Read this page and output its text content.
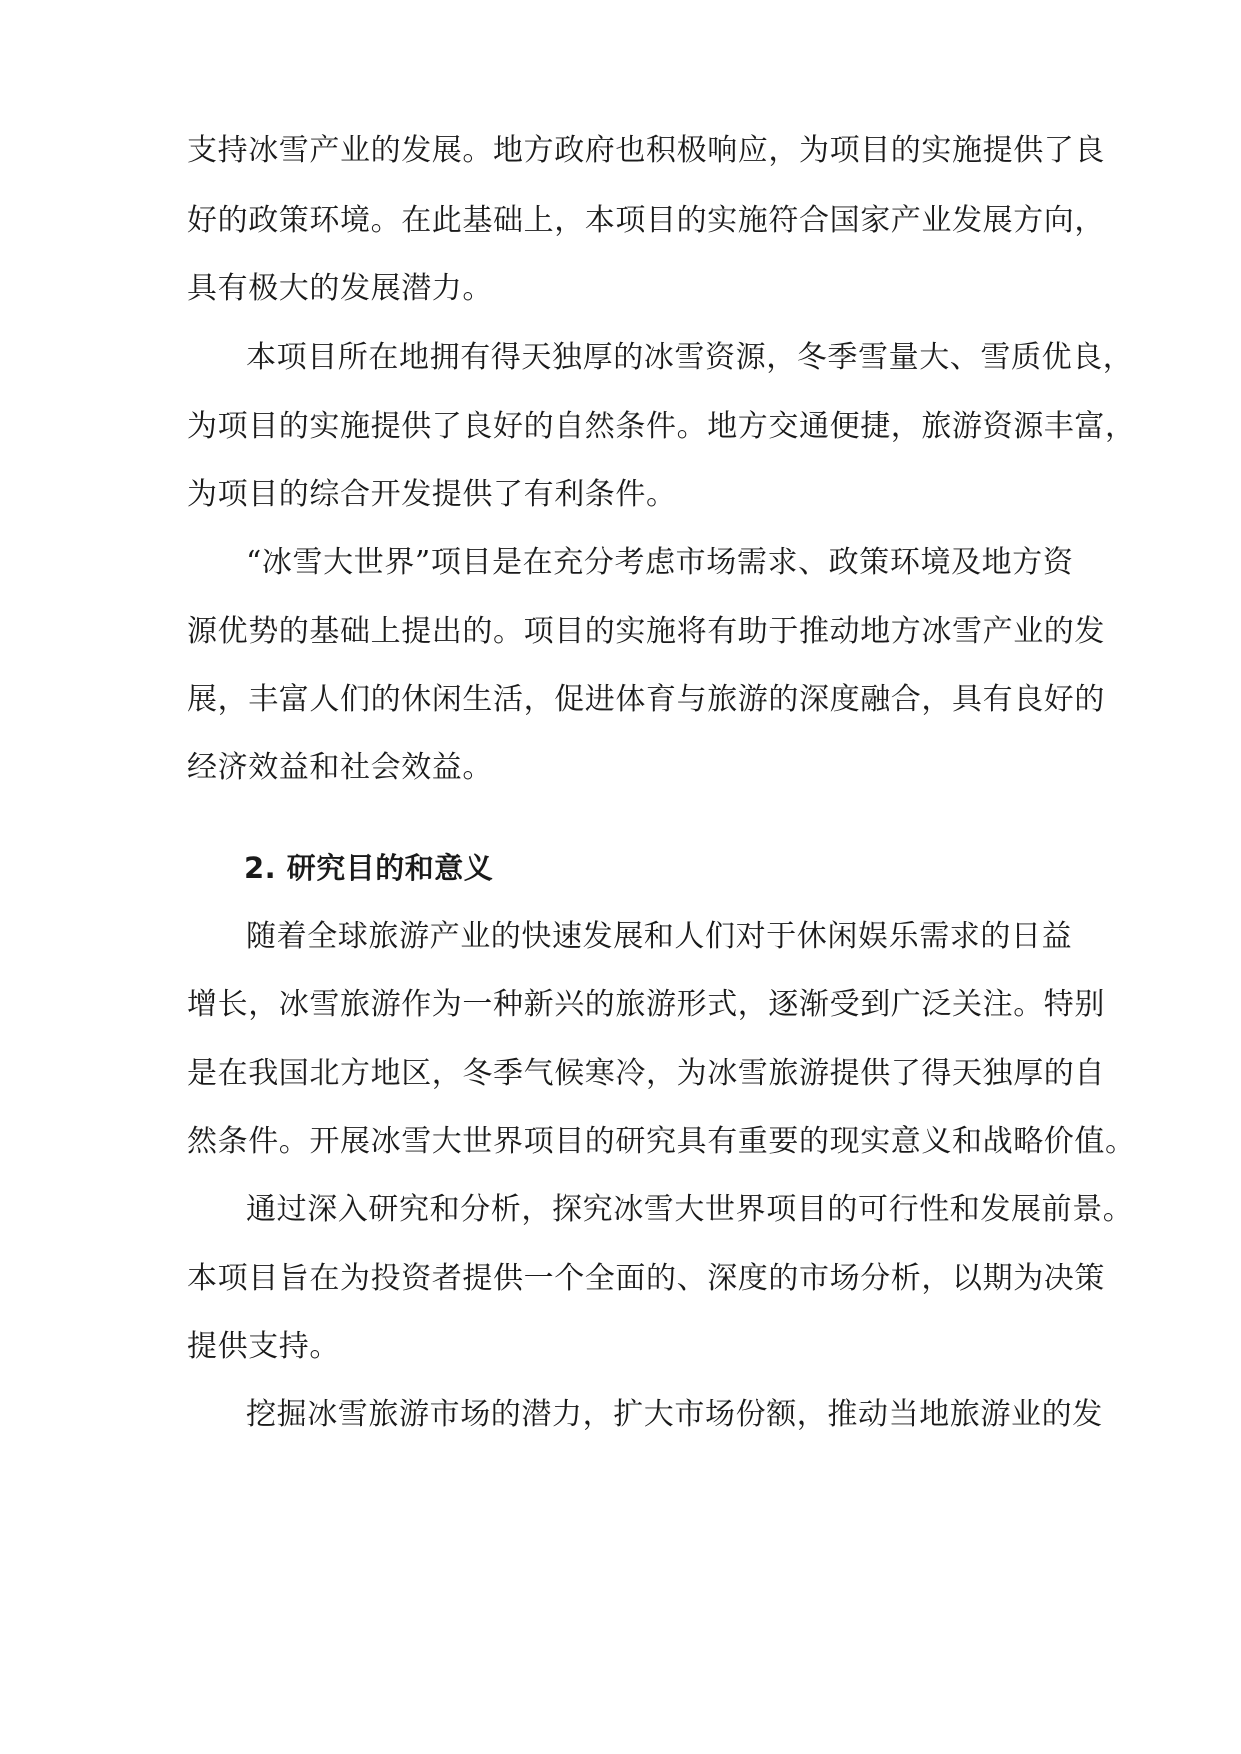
支持冰雪产业的发展。地方政府也积极响应，为项目的实施提供了良
好的政策环境。在此基础上，本项目的实施符合国家产业发展方向，
具有极大的发展潜力。
本项目所在地拥有得天独厚的冰雪资源，冬季雪量大、雪质优良，
为项目的实施提供了良好的自然条件。地方交通便捷，旅游资源丰富，
为项目的综合开发提供了有利条件。
“冰雪大世界”项目是在充分考虑市场需求、政策环境及地方资
源优势的基础上提出的。项目的实施将有助于推动地方冰雪产业的发
展，丰富人们的休闲生活，促进体育与旅游的深度融合，具有良好的
经济效益和社会效益。
2. 研究目的和意义
随着全球旅游产业的快速发展和人们对于休闲娱乐需求的日益
增长，冰雪旅游作为一种新兴的旅游形式，逐渐受到广泛关注。特别
是在我国北方地区，冬季气候寒冷，为冰雪旅游提供了得天独厚的自
然条件。开展冰雪大世界项目的研究具有重要的现实意义和战略价值。
通过深入研究和分析，探究冰雪大世界项目的可行性和发展前景。
本项目旨在为投资者提供一个全面的、深度的市场分析，以期为决策
提供支持。
挖掘冰雪旅游市场的潜力，扩大市场份额，推动当地旅游业的发
